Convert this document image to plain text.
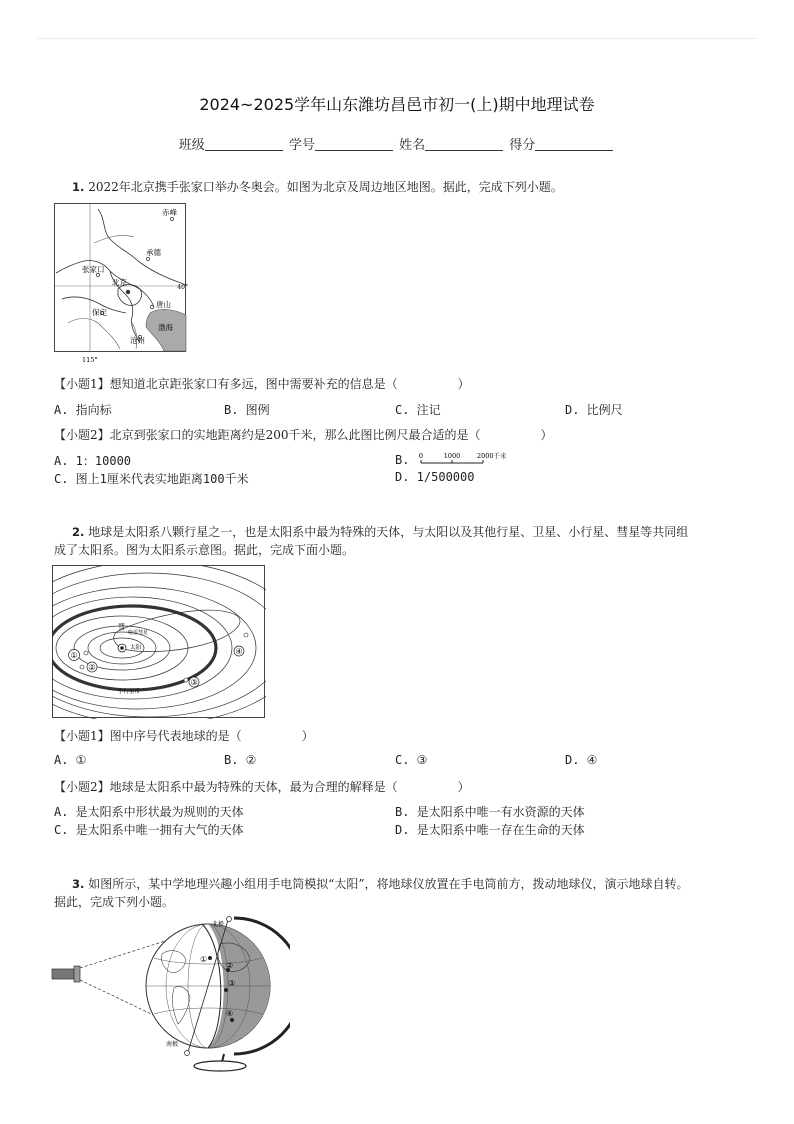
2024~2025学年山东潍坊昌邑市初一(上)期中地理试卷
班级	学号	姓名	得分
1. 2022年北京携手张家口举办冬奥会。如图为北京及周边地区地图。据此，完成下列小题。
赤峰
承德
张家口
北京
唐山
保定
沧州
渤海
40°
115°
【小题1】想知道北京距张家口有多远，图中需要补充的信息是（　　　　　）
A. 指向标	B. 图例	C. 注记	D. 比例尺
【小题2】北京到张家口的实地距离约是200千米，那么此图比例尺最合适的是（　　　　　）
A. 1：10000	B. 0	1000	2000千米
C. 图上1厘米代表实地距离100千米	D. 1/500000
2. 地球是太阳系八颗行星之一，也是太阳系中最为特殊的天体，与太阳以及其他行星、卫星、小行星、彗星等共同组
成了太阳系。图为太阳系示意图。据此，完成下面小题。
①
②
③
④
太阳
彗
哈雷彗星
小行星带
【小题1】图中序号代表地球的是（　　　　　）
A. ①	B. ②	C. ③	D. ④
【小题2】地球是太阳系中最为特殊的天体，最为合理的解释是（　　　　　）
A. 是太阳系中形状最为规则的天体	B. 是太阳系中唯一有水资源的天体
C. 是太阳系中唯一拥有大气的天体	D. 是太阳系中唯一存在生命的天体
3. 如图所示，某中学地理兴趣小组用手电筒模拟“太阳”，将地球仪放置在手电筒前方，拨动地球仪，演示地球自转。
据此，完成下列小题。
①
②
③
④
北极
南极
